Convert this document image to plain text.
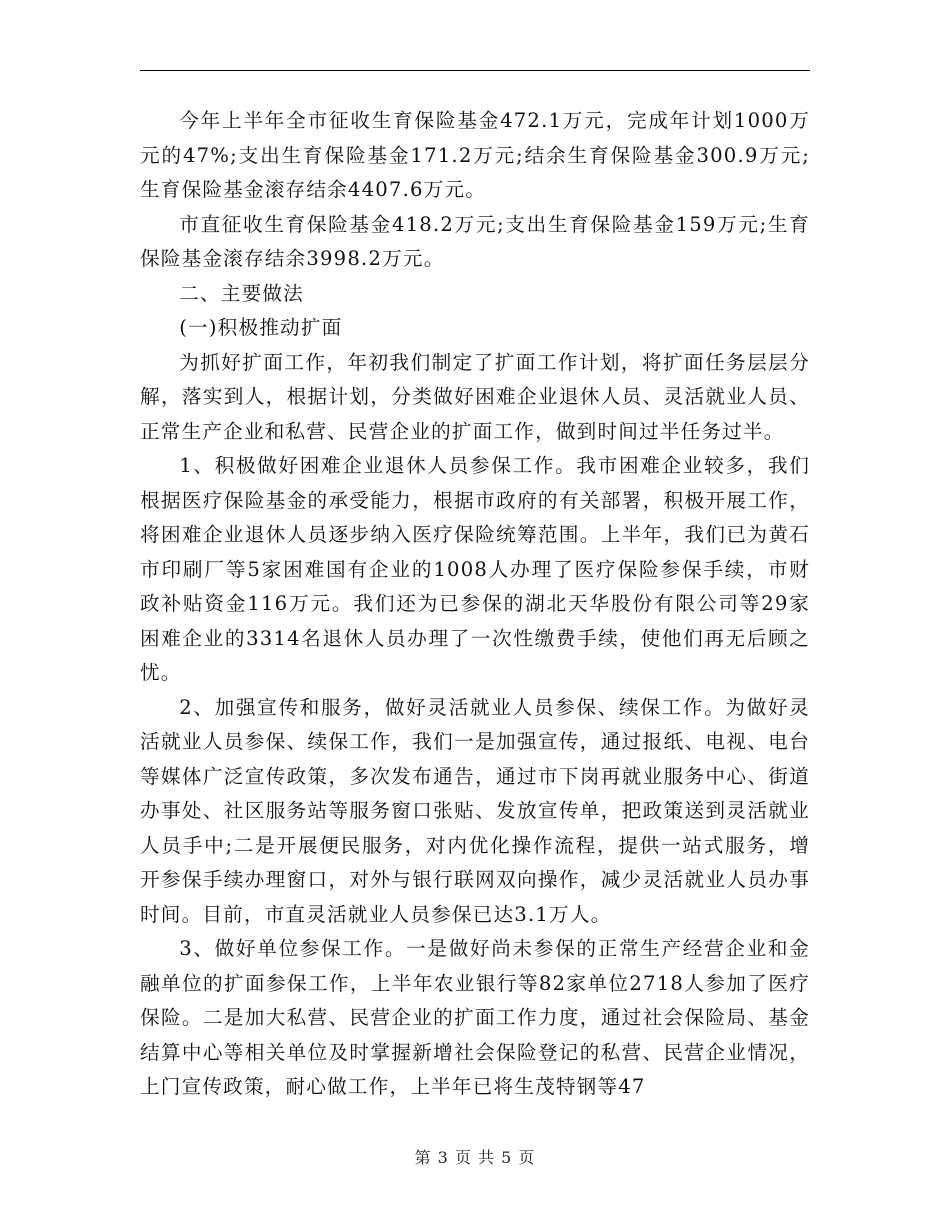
今年上半年全市征收生育保险基金472.1万元，完成年计划1000万元的47%;支出生育保险基金171.2万元;结余生育保险基金300.9万元;生育保险基金滚存结余4407.6万元。

市直征收生育保险基金418.2万元;支出生育保险基金159万元;生育保险基金滚存结余3998.2万元。

二、主要做法

(一)积极推动扩面

为抓好扩面工作，年初我们制定了扩面工作计划，将扩面任务层层分解，落实到人，根据计划，分类做好困难企业退休人员、灵活就业人员、正常生产企业和私营、民营企业的扩面工作，做到时间过半任务过半。

1、积极做好困难企业退休人员参保工作。我市困难企业较多，我们根据医疗保险基金的承受能力，根据市政府的有关部署，积极开展工作，将困难企业退休人员逐步纳入医疗保险统筹范围。上半年，我们已为黄石市印刷厂等5家困难国有企业的1008人办理了医疗保险参保手续，市财政补贴资金116万元。我们还为已参保的湖北天华股份有限公司等29家困难企业的3314名退休人员办理了一次性缴费手续，使他们再无后顾之忧。

2、加强宣传和服务，做好灵活就业人员参保、续保工作。为做好灵活就业人员参保、续保工作，我们一是加强宣传，通过报纸、电视、电台等媒体广泛宣传政策，多次发布通告，通过市下岗再就业服务中心、街道办事处、社区服务站等服务窗口张贴、发放宣传单，把政策送到灵活就业人员手中;二是开展便民服务，对内优化操作流程，提供一站式服务，增开参保手续办理窗口，对外与银行联网双向操作，减少灵活就业人员办事时间。目前，市直灵活就业人员参保已达3.1万人。

3、做好单位参保工作。一是做好尚未参保的正常生产经营企业和金融单位的扩面参保工作，上半年农业银行等82家单位2718人参加了医疗保险。二是加大私营、民营企业的扩面工作力度，通过社会保险局、基金结算中心等相关单位及时掌握新增社会保险登记的私营、民营企业情况，上门宣传政策，耐心做工作，上半年已将生茂特钢等47

第 3 页 共 5 页
